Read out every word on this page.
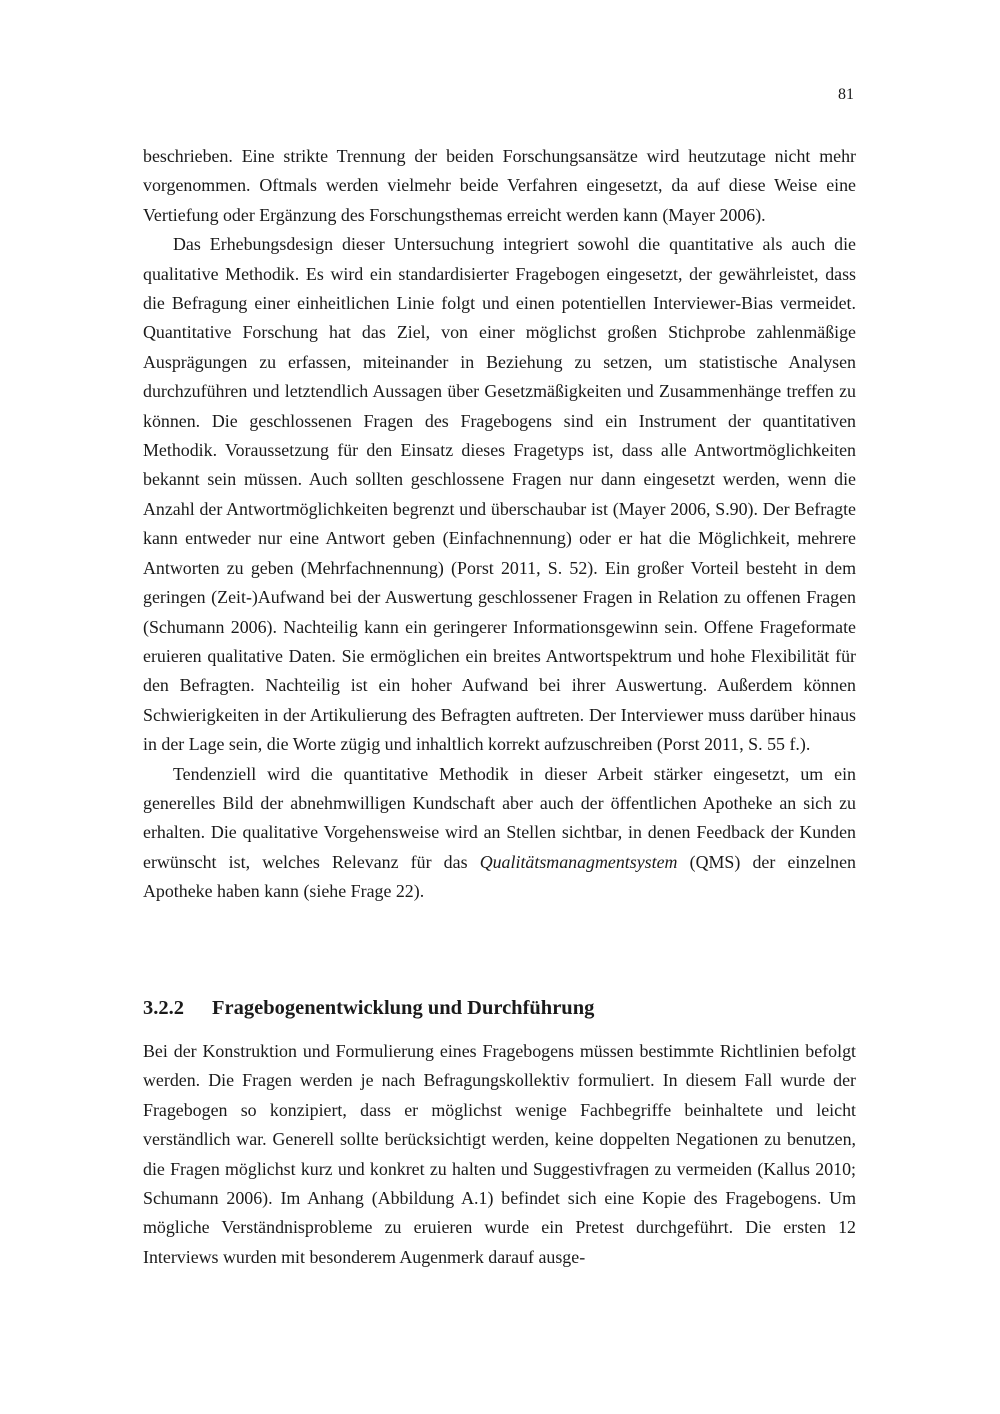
81

beschrieben. Eine strikte Trennung der beiden Forschungsansätze wird heutzutage nicht mehr vorgenommen. Oftmals werden vielmehr beide Verfahren eingesetzt, da auf diese Weise eine Vertiefung oder Ergänzung des Forschungsthemas erreicht werden kann (Mayer 2006).

Das Erhebungsdesign dieser Untersuchung integriert sowohl die quantitative als auch die qualitative Methodik. Es wird ein standardisierter Fragebogen eingesetzt, der gewährleistet, dass die Befragung einer einheitlichen Linie folgt und einen potentiellen Interviewer-Bias vermeidet. Quantitative Forschung hat das Ziel, von einer möglichst großen Stichprobe zahlenmäßige Ausprägungen zu erfassen, miteinander in Beziehung zu setzen, um statistische Analysen durchzuführen und letztendlich Aussagen über Gesetzmäßigkeiten und Zusammenhänge treffen zu können. Die geschlossenen Fragen des Fragebogens sind ein Instrument der quantitativen Methodik. Voraussetzung für den Einsatz dieses Fragetyps ist, dass alle Antwortmöglichkeiten bekannt sein müssen. Auch sollten geschlossene Fragen nur dann eingesetzt werden, wenn die Anzahl der Antwortmöglichkeiten begrenzt und überschaubar ist (Mayer 2006, S.90). Der Befragte kann entweder nur eine Antwort geben (Einfachnennung) oder er hat die Möglichkeit, mehrere Antworten zu geben (Mehrfachnennung) (Porst 2011, S. 52). Ein großer Vorteil besteht in dem geringen (Zeit-)Aufwand bei der Auswertung geschlossener Fragen in Relation zu offenen Fragen (Schumann 2006). Nachteilig kann ein geringerer Informationsgewinn sein. Offene Frageformate eruieren qualitative Daten. Sie ermöglichen ein breites Antwortspektrum und hohe Flexibilität für den Befragten. Nachteilig ist ein hoher Aufwand bei ihrer Auswertung. Außerdem können Schwierigkeiten in der Artikulierung des Befragten auftreten. Der Interviewer muss darüber hinaus in der Lage sein, die Worte zügig und inhaltlich korrekt aufzuschreiben (Porst 2011, S. 55 f.).

Tendenziell wird die quantitative Methodik in dieser Arbeit stärker eingesetzt, um ein generelles Bild der abnehmwilligen Kundschaft aber auch der öffentlichen Apotheke an sich zu erhalten. Die qualitative Vorgehensweise wird an Stellen sichtbar, in denen Feedback der Kunden erwünscht ist, welches Relevanz für das Qualitätsmanagmentsystem (QMS) der einzelnen Apotheke haben kann (siehe Frage 22).

3.2.2 Fragebogenentwicklung und Durchführung

Bei der Konstruktion und Formulierung eines Fragebogens müssen bestimmte Richtlinien befolgt werden. Die Fragen werden je nach Befragungskollektiv formuliert. In diesem Fall wurde der Fragebogen so konzipiert, dass er möglichst wenige Fachbegriffe beinhaltete und leicht verständlich war. Generell sollte berücksichtigt werden, keine doppelten Negationen zu benutzen, die Fragen möglichst kurz und konkret zu halten und Suggestivfragen zu vermeiden (Kallus 2010; Schumann 2006). Im Anhang (Abbildung A.1) befindet sich eine Kopie des Fragebogens. Um mögliche Verständnisprobleme zu eruieren wurde ein Pretest durchgeführt. Die ersten 12 Interviews wurden mit besonderem Augenmerk darauf ausge-
